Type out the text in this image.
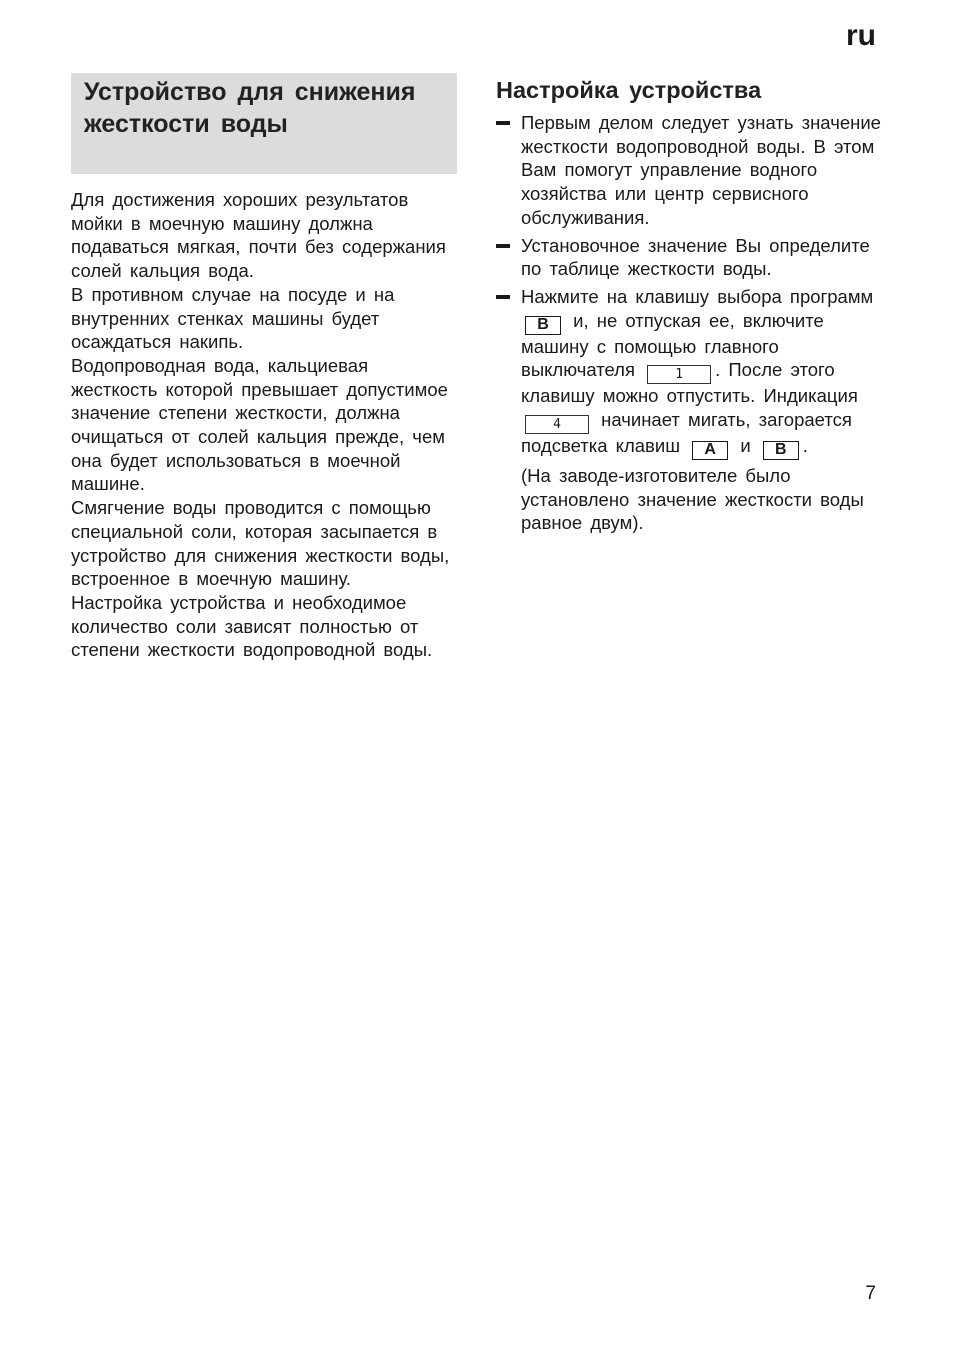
ru
Устройство для снижения жесткости воды

Для достижения хороших результатов мойки в моечную машину должна подаваться мягкая, почти без содержания солей кальция вода.

В противном случае на посуде и на внутренних стенках машины будет осаждаться накипь.

Водопроводная вода, кальциевая жесткость которой превышает допустимое значение степени жесткости, должна очищаться от солей кальция прежде, чем она будет использоваться в моечной машине.

Смягчение воды проводится с помощью специальной соли, которая засыпается в устройство для снижения жесткости воды, встроенное в моечную машину.

Настройка устройства и необходимое количество соли зависят полностью от степени жесткости водопроводной воды.

Настройка устройства
Первым делом следует узнать значение жесткости водопроводной воды. В этом Вам помогут управление водного хозяйства или центр сервисного обслуживания.
Установочное значение Вы определите по таблице жесткости воды.
Нажмите на клавишу выбора программ B и, не отпуская ее, включите машину с помощью главного выключателя	1 . После этого клавишу можно отпустить. Индикация 4 начинает мигать, загорается подсветка клавиш A и B .
(На заводе-изготовителе было установлено значение жесткости воды равное двум).
7
